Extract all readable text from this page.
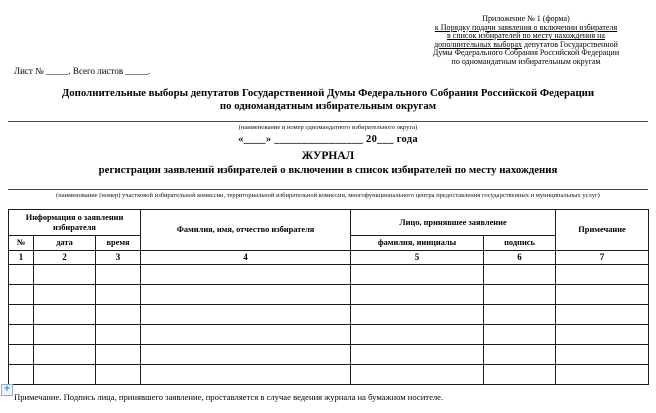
Приложение № 1 (форма)
к Порядку подачи заявления о включении избирателя
в список избирателей по месту нахождения на
дополнительных выборах депутатов Государственной
Думы Федерального Собрания Российской Федерации
по одномандатным избирательным округам
Лист № _____. Всего листов _____.
Дополнительные выборы депутатов Государственной Думы Федерального Собрания Российской Федерации
по одномандатным избирательным округам
(наименование и номер одномандатного избирательного округа)
«____» ________________ 20___ года
ЖУРНАЛ
регистрации заявлений избирателей о включении в список избирателей по месту нахождения
(наименование (номер) участковой избирательной комиссии, территориальной избирательной комиссии, многофункционального центра предоставления государственных и муниципальных услуг)
Информация о заявлении избирателя			Фамилия, имя, отчество избирателя	Лицо, принявшее заявление		Примечание
№	дата	время		фамилия, инициалы	подпись	
1	2	3	4	5	6	7

+
Примечание. Подпись лица, принявшего заявление, проставляется в случае ведения журнала на бумажном носителе.
